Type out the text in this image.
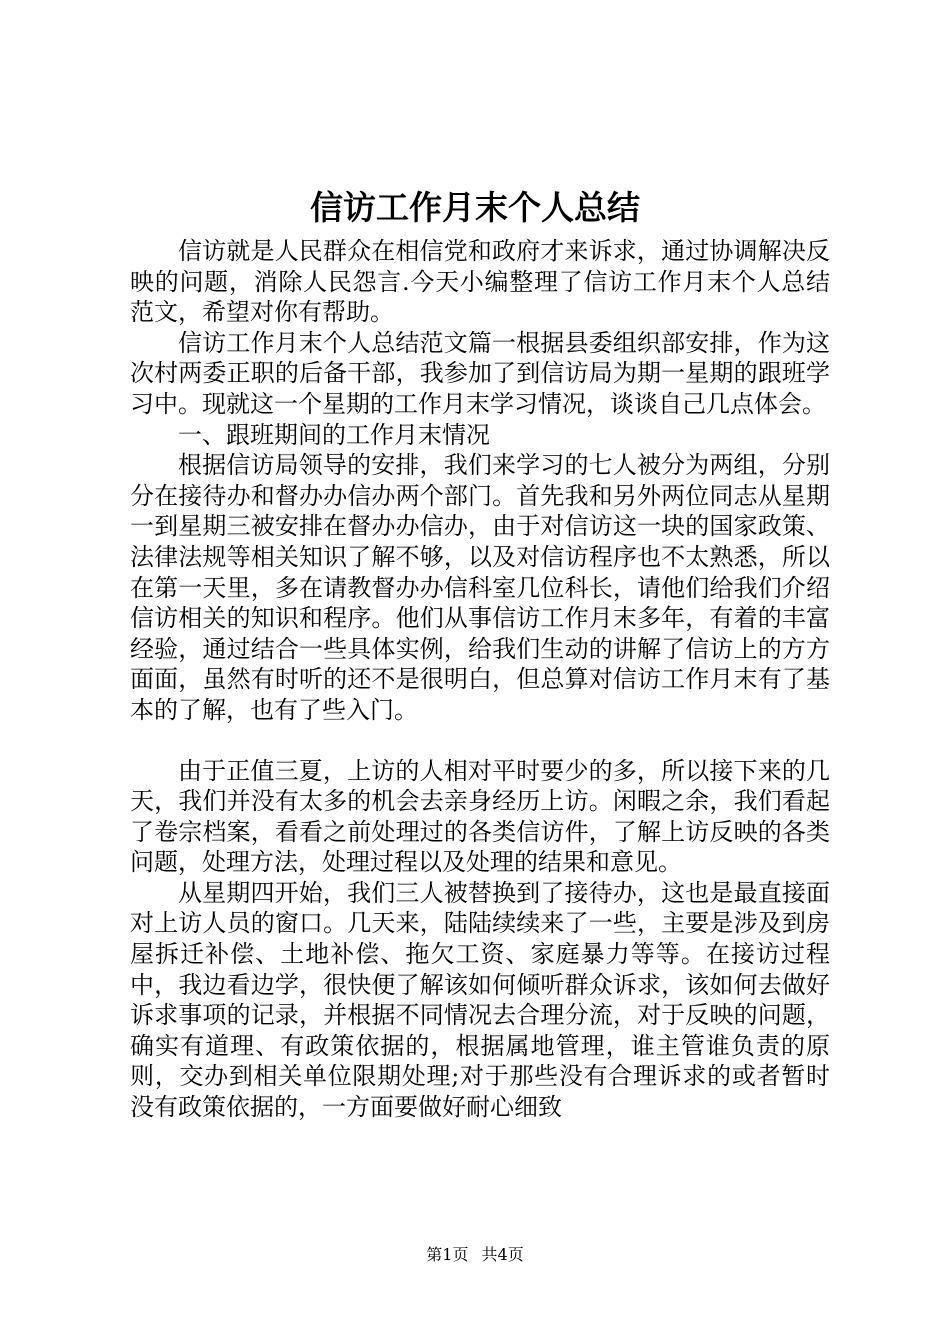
信访工作月末个人总结

信访就是人民群众在相信党和政府才来诉求，通过协调解决反映的问题，消除人民怨言.今天小编整理了信访工作月末个人总结范文，希望对你有帮助。

信访工作月末个人总结范文篇一根据县委组织部安排，作为这次村两委正职的后备干部，我参加了到信访局为期一星期的跟班学习中。现就这一个星期的工作月末学习情况，谈谈自己几点体会。

一、跟班期间的工作月末情况

根据信访局领导的安排，我们来学习的七人被分为两组，分别分在接待办和督办办信办两个部门。首先我和另外两位同志从星期一到星期三被安排在督办办信办，由于对信访这一块的国家政策、法律法规等相关知识了解不够，以及对信访程序也不太熟悉，所以在第一天里，多在请教督办办信科室几位科长，请他们给我们介绍信访相关的知识和程序。他们从事信访工作月末多年，有着的丰富经验，通过结合一些具体实例，给我们生动的讲解了信访上的方方面面，虽然有时听的还不是很明白，但总算对信访工作月末有了基本的了解，也有了些入门。

由于正值三夏，上访的人相对平时要少的多，所以接下来的几天，我们并没有太多的机会去亲身经历上访。闲暇之余，我们看起了卷宗档案，看看之前处理过的各类信访件，了解上访反映的各类问题，处理方法，处理过程以及处理的结果和意见。

从星期四开始，我们三人被替换到了接待办，这也是最直接面对上访人员的窗口。几天来，陆陆续续来了一些，主要是涉及到房屋拆迁补偿、土地补偿、拖欠工资、家庭暴力等等。在接访过程中，我边看边学，很快便了解该如何倾听群众诉求，该如何去做好诉求事项的记录，并根据不同情况去合理分流，对于反映的问题，确实有道理、有政策依据的，根据属地管理，谁主管谁负责的原则，交办到相关单位限期处理;对于那些没有合理诉求的或者暂时没有政策依据的，一方面要做好耐心细致

第1页 共4页
